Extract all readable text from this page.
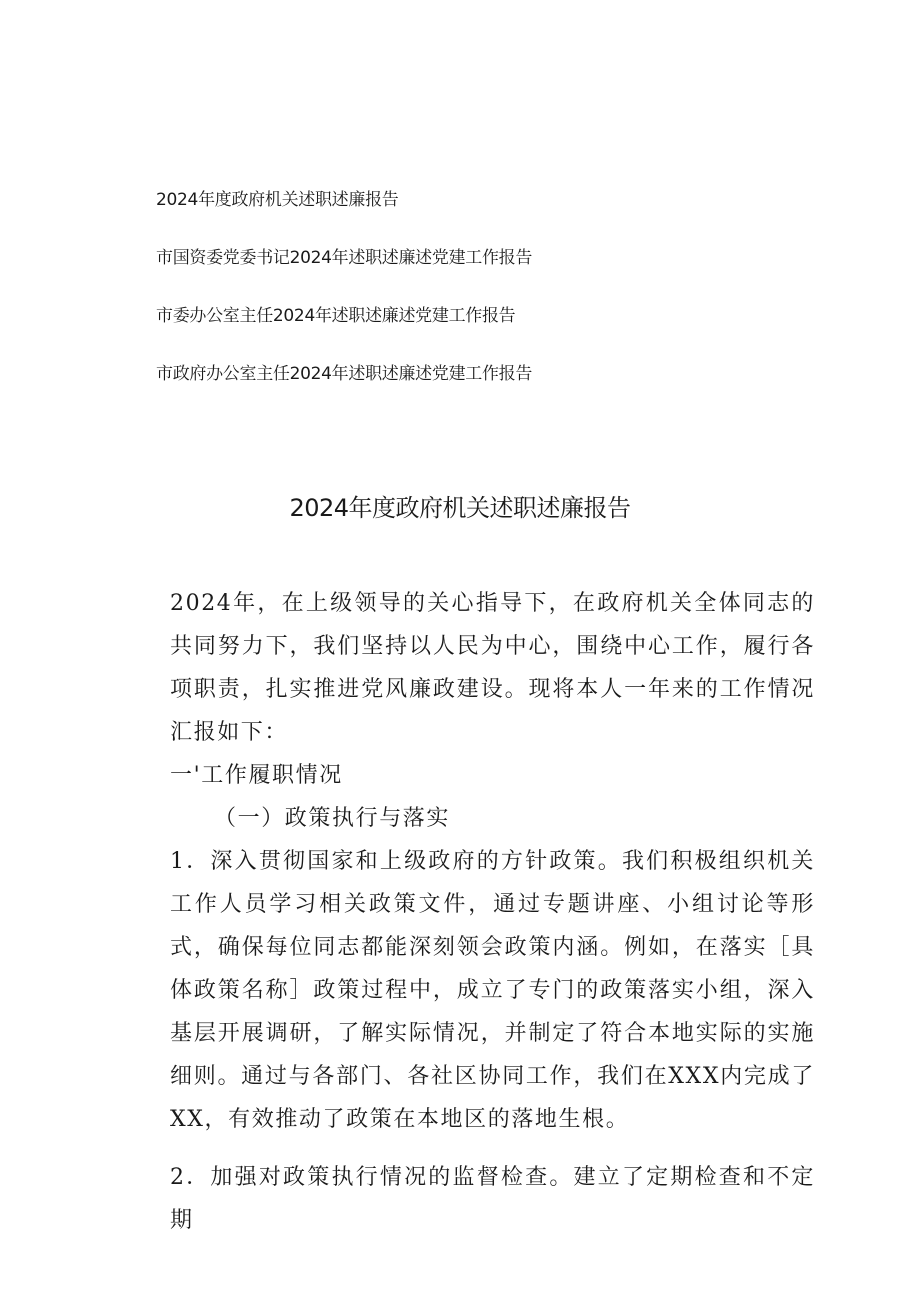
2024年度政府机关述职述廉报告
市国资委党委书记2024年述职述廉述党建工作报告
市委办公室主任2024年述职述廉述党建工作报告
市政府办公室主任2024年述职述廉述党建工作报告
2024年度政府机关述职述廉报告

2024年，在上级领导的关心指导下，在政府机关全体同志的共同努力下，我们坚持以人民为中心，围绕中心工作，履行各项职责，扎实推进党风廉政建设。现将本人一年来的工作情况汇报如下：

一'工作履职情况

（一）政策执行与落实

1．深入贯彻国家和上级政府的方针政策。我们积极组织机关工作人员学习相关政策文件，通过专题讲座、小组讨论等形式，确保每位同志都能深刻领会政策内涵。例如，在落实［具体政策名称］政策过程中，成立了专门的政策落实小组，深入基层开展调研，了解实际情况，并制定了符合本地实际的实施细则。通过与各部门、各社区协同工作，我们在XXX内完成了XX，有效推动了政策在本地区的落地生根。

2．加强对政策执行情况的监督检查。建立了定期检查和不定期
